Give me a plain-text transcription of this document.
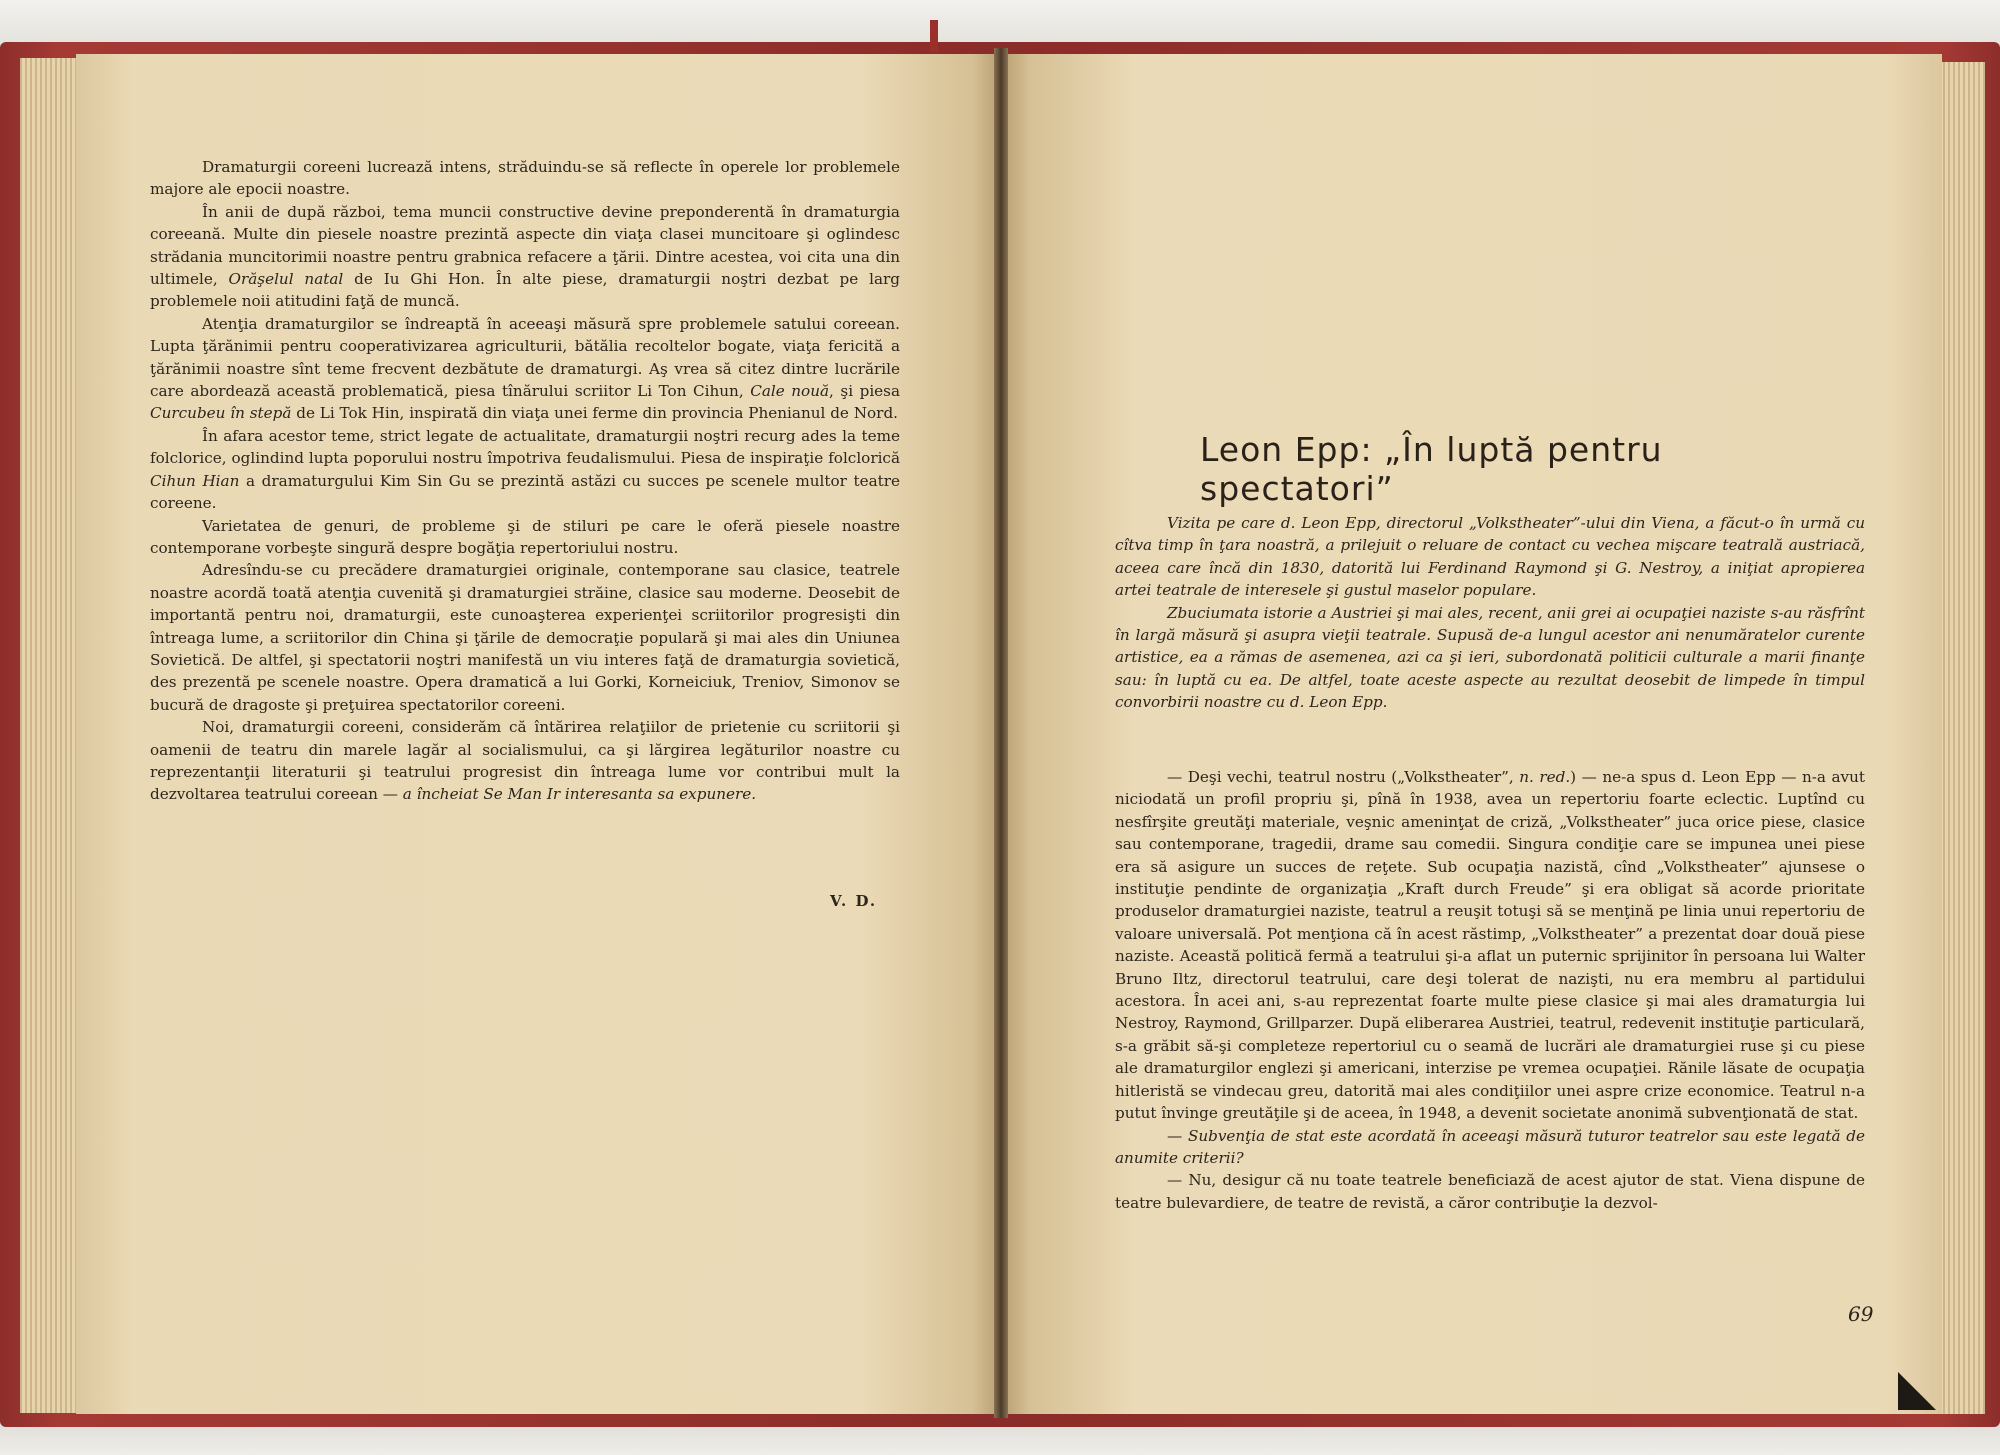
Dramaturgii coreeni lucrează intens, străduindu-se să reflecte în operele lor problemele majore ale epocii noastre.

În anii de după război, tema muncii constructive devine preponderentă în dramaturgia coreeană. Multe din piesele noastre prezintă aspecte din viaţa clasei muncitoare şi oglindesc strădania muncitorimii noastre pentru grabnica refacere a ţării. Dintre acestea, voi cita una din ultimele, Orăşelul natal de Iu Ghi Hon. În alte piese, dramaturgii noştri dezbat pe larg problemele noii atitudini faţă de muncă.

Atenţia dramaturgilor se îndreaptă în aceeaşi măsură spre problemele satului coreean. Lupta ţărănimii pentru cooperativizarea agriculturii, bătălia recoltelor bogate, viaţa fericită a ţărănimii noastre sînt teme frecvent dezbătute de dramaturgi. Aş vrea să citez dintre lucrările care abordează această problematică, piesa tînărului scriitor Li Ton Cihun, Cale nouă, şi piesa Curcubeu în stepă de Li Tok Hin, inspirată din viaţa unei ferme din provincia Phenianul de Nord.

În afara acestor teme, strict legate de actualitate, dramaturgii noştri recurg ades la teme folclorice, oglindind lupta poporului nostru împotriva feudalismului. Piesa de inspiraţie folclorică Cihun Hian a dramaturgului Kim Sin Gu se prezintă astăzi cu succes pe scenele multor teatre coreene.

Varietatea de genuri, de probleme şi de stiluri pe care le oferă piesele noastre contemporane vorbeşte singură despre bogăţia repertoriului nostru.

Adresîndu-se cu precădere dramaturgiei originale, contemporane sau clasice, teatrele noastre acordă toată atenţia cuvenită şi dramaturgiei străine, clasice sau moderne. Deosebit de importantă pentru noi, dramaturgii, este cunoaşterea experienţei scriitorilor progresişti din întreaga lume, a scriitorilor din China şi ţările de democraţie populară şi mai ales din Uniunea Sovietică. De altfel, şi spectatorii noştri manifestă un viu interes faţă de dramaturgia sovietică, des prezentă pe scenele noastre. Opera dramatică a lui Gorki, Korneiciuk, Treniov, Simonov se bucură de dragoste şi preţuirea spectatorilor coreeni.

Noi, dramaturgii coreeni, considerăm că întărirea relaţiilor de prietenie cu scriitorii şi oamenii de teatru din marele lagăr al socialismului, ca şi lărgirea legăturilor noastre cu reprezentanţii literaturii şi teatrului progresist din întreaga lume vor contribui mult la dezvoltarea teatrului coreean — a încheiat Se Man Ir interesanta sa expunere.

V. D.
Leon Epp: „În luptă pentru spectatori”

Vizita pe care d. Leon Epp, directorul „Volkstheater”-ului din Viena, a făcut-o în urmă cu cîtva timp în ţara noastră, a prilejuit o reluare de contact cu vechea mişcare teatrală austriacă, aceea care încă din 1830, datorită lui Ferdinand Raymond şi G. Nestroy, a iniţiat apropierea artei teatrale de interesele şi gustul maselor populare.

Zbuciumata istorie a Austriei şi mai ales, recent, anii grei ai ocupaţiei naziste s-au răsfrînt în largă măsură şi asupra vieţii teatrale. Supusă de-a lungul acestor ani nenumăratelor curente artistice, ea a rămas de asemenea, azi ca şi ieri, subordonată politicii culturale a marii finanţe sau: în luptă cu ea. De altfel, toate aceste aspecte au rezultat deosebit de limpede în timpul convorbirii noastre cu d. Leon Epp.

— Deşi vechi, teatrul nostru („Volkstheater”, n. red.) — ne-a spus d. Leon Epp — n-a avut niciodată un profil propriu şi, pînă în 1938, avea un repertoriu foarte eclectic. Luptînd cu nesfîrşite greutăţi materiale, veşnic ameninţat de criză, „Volkstheater” juca orice piese, clasice sau contemporane, tragedii, drame sau comedii. Singura condiţie care se impunea unei piese era să asigure un succes de reţete. Sub ocupaţia nazistă, cînd „Volkstheater” ajunsese o instituţie pendinte de organizaţia „Kraft durch Freude” şi era obligat să acorde prioritate produselor dramaturgiei naziste, teatrul a reuşit totuşi să se menţină pe linia unui repertoriu de valoare universală. Pot menţiona că în acest răstimp, „Volkstheater” a prezentat doar două piese naziste. Această politică fermă a teatrului şi-a aflat un puternic sprijinitor în persoana lui Walter Bruno Iltz, directorul teatrului, care deşi tolerat de nazişti, nu era membru al partidului acestora. În acei ani, s-au reprezentat foarte multe piese clasice şi mai ales dramaturgia lui Nestroy, Raymond, Grillparzer. După eliberarea Austriei, teatrul, redevenit instituţie particulară, s-a grăbit să-şi completeze repertoriul cu o seamă de lucrări ale dramaturgiei ruse şi cu piese ale dramaturgilor englezi şi americani, interzise pe vremea ocupaţiei. Rănile lăsate de ocupaţia hitleristă se vindecau greu, datorită mai ales condiţiilor unei aspre crize economice. Teatrul n-a putut învinge greutăţile şi de aceea, în 1948, a devenit societate anonimă subvenţionată de stat.

— Subvenţia de stat este acordată în aceeaşi măsură tuturor teatrelor sau este legată de anumite criterii?

— Nu, desigur că nu toate teatrele beneficiază de acest ajutor de stat. Viena dispune de teatre bulevardiere, de teatre de revistă, a căror contribuţie la dezvol-

69
